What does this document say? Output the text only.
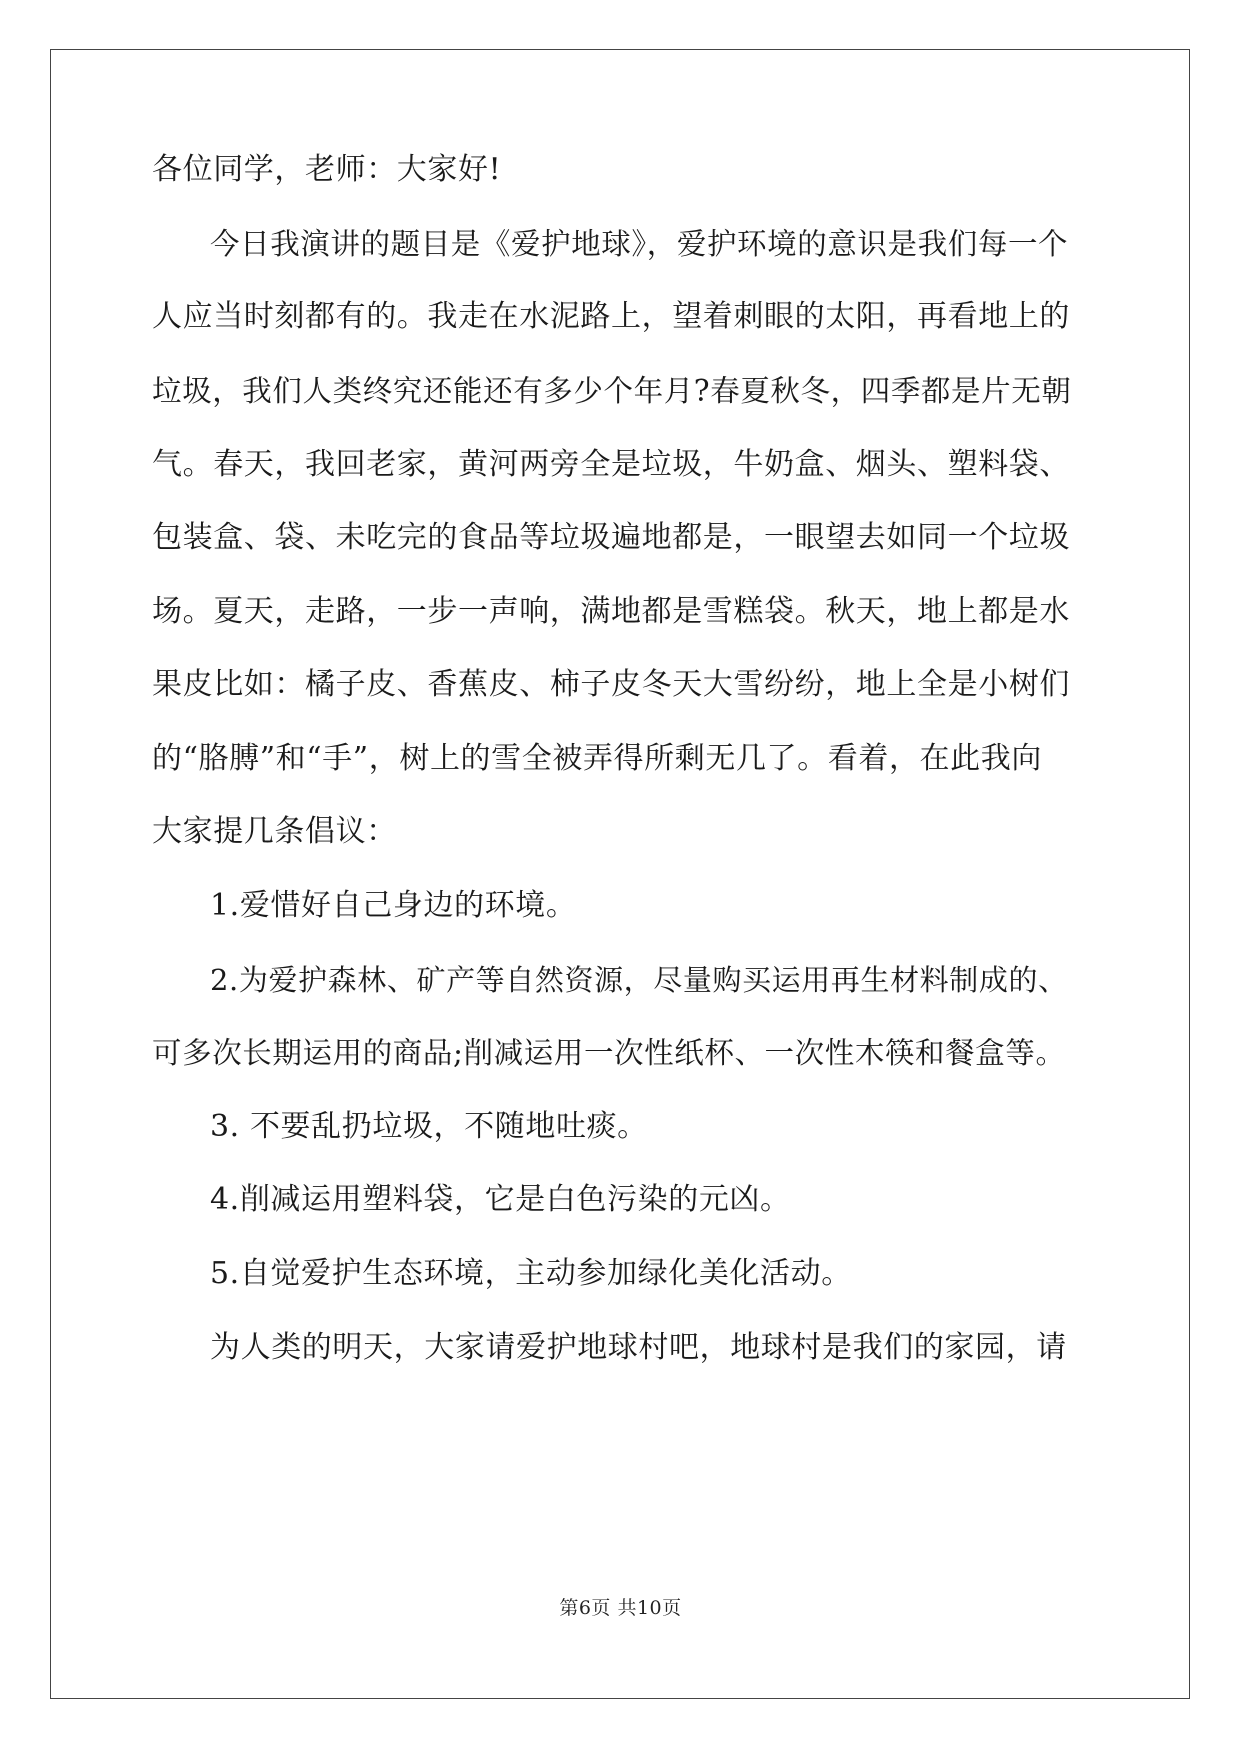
各位同学，老师：大家好!
今日我演讲的题目是《爱护地球》，爱护环境的意识是我们每一个
人应当时刻都有的。我走在水泥路上，望着刺眼的太阳，再看地上的
垃圾，我们人类终究还能还有多少个年月?春夏秋冬，四季都是片无朝
气。春天，我回老家，黄河两旁全是垃圾，牛奶盒、烟头、塑料袋、
包装盒、袋、未吃完的食品等垃圾遍地都是，一眼望去如同一个垃圾
场。夏天，走路，一步一声响，满地都是雪糕袋。秋天，地上都是水
果皮比如：橘子皮、香蕉皮、柿子皮冬天大雪纷纷，地上全是小树们
的“胳膊”和“手”，树上的雪全被弄得所剩无几了。看着，在此我向
大家提几条倡议：
1.爱惜好自己身边的环境。
2.为爱护森林、矿产等自然资源，尽量购买运用再生材料制成的、
可多次长期运用的商品;削减运用一次性纸杯、一次性木筷和餐盒等。
3. 不要乱扔垃圾，不随地吐痰。
4.削减运用塑料袋，它是白色污染的元凶。
5.自觉爱护生态环境，主动参加绿化美化活动。
为人类的明天，大家请爱护地球村吧，地球村是我们的家园，请
第6页 共10页
